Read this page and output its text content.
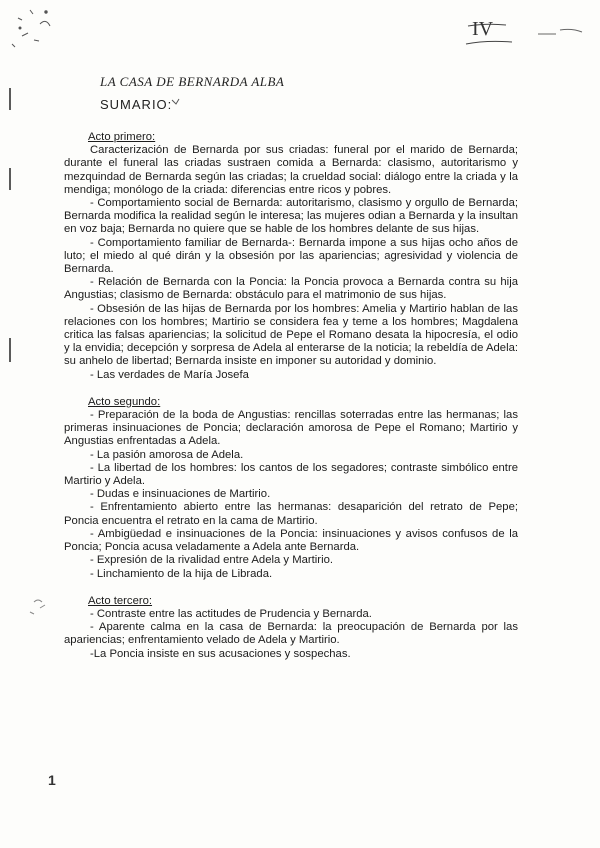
IV
LA CASA DE BERNARDA ALBA
SUMARIO:
Acto primero:

Caracterización de Bernarda por sus criadas: funeral por el marido de Bernarda; durante el funeral las criadas sustraen comida a Bernarda: clasismo, autoritarismo y mezquindad de Bernarda según las criadas; la crueldad social: diálogo entre la criada y la mendiga; monólogo de la criada: diferencias entre ricos y pobres.

- Comportamiento social de Bernarda: autoritarismo, clasismo y orgullo de Bernarda; Bernarda modifica la realidad según le interesa; las mujeres odian a Bernarda y la insultan en voz baja; Bernarda no quiere que se hable de los hombres delante de sus hijas.

- Comportamiento familiar de Bernarda-: Bernarda impone a sus hijas ocho años de luto; el miedo al qué dirán y la obsesión por las apariencias; agresividad y violencia de Bernarda.

- Relación de Bernarda con la Poncia: la Poncia provoca a Bernarda contra su hija Angustias; clasismo de Bernarda: obstáculo para el matrimonio de sus hijas.

- Obsesión de las hijas de Bernarda por los hombres: Amelia y Martirio hablan de las relaciones con los hombres; Martirio se considera fea y teme a los hombres; Magdalena critica las falsas apariencias; la solicitud de Pepe el Romano desata la hipocresía, el odio y la envidia; decepción y sorpresa de Adela al enterarse de la noticia; la rebeldía de Adela: su anhelo de libertad; Bernarda insiste en imponer su autoridad y dominio.

- Las verdades de María Josefa

Acto segundo:

- Preparación de la boda de Angustias: rencillas soterradas entre las hermanas; las primeras insinuaciones de Poncia; declaración amorosa de Pepe el Romano; Martirio y Angustias enfrentadas a Adela.

- La pasión amorosa de Adela.

- La libertad de los hombres: los cantos de los segadores; contraste simbólico entre Martirio y Adela.

- Dudas e insinuaciones de Martirio.

- Enfrentamiento abierto entre las hermanas: desaparición del retrato de Pepe; Poncia encuentra el retrato en la cama de Martirio.

- Ambigüedad e insinuaciones de la Poncia: insinuaciones y avisos confusos de la Poncia; Poncia acusa veladamente a Adela ante Bernarda.

- Expresión de la rivalidad entre Adela y Martirio.

- Linchamiento de la hija de Librada.

Acto tercero:

- Contraste entre las actitudes de Prudencia y Bernarda.

- Aparente calma en la casa de Bernarda: la preocupación de Bernarda por las apariencias; enfrentamiento velado de Adela y Martirio.

-La Poncia insiste en sus acusaciones y sospechas.

1
